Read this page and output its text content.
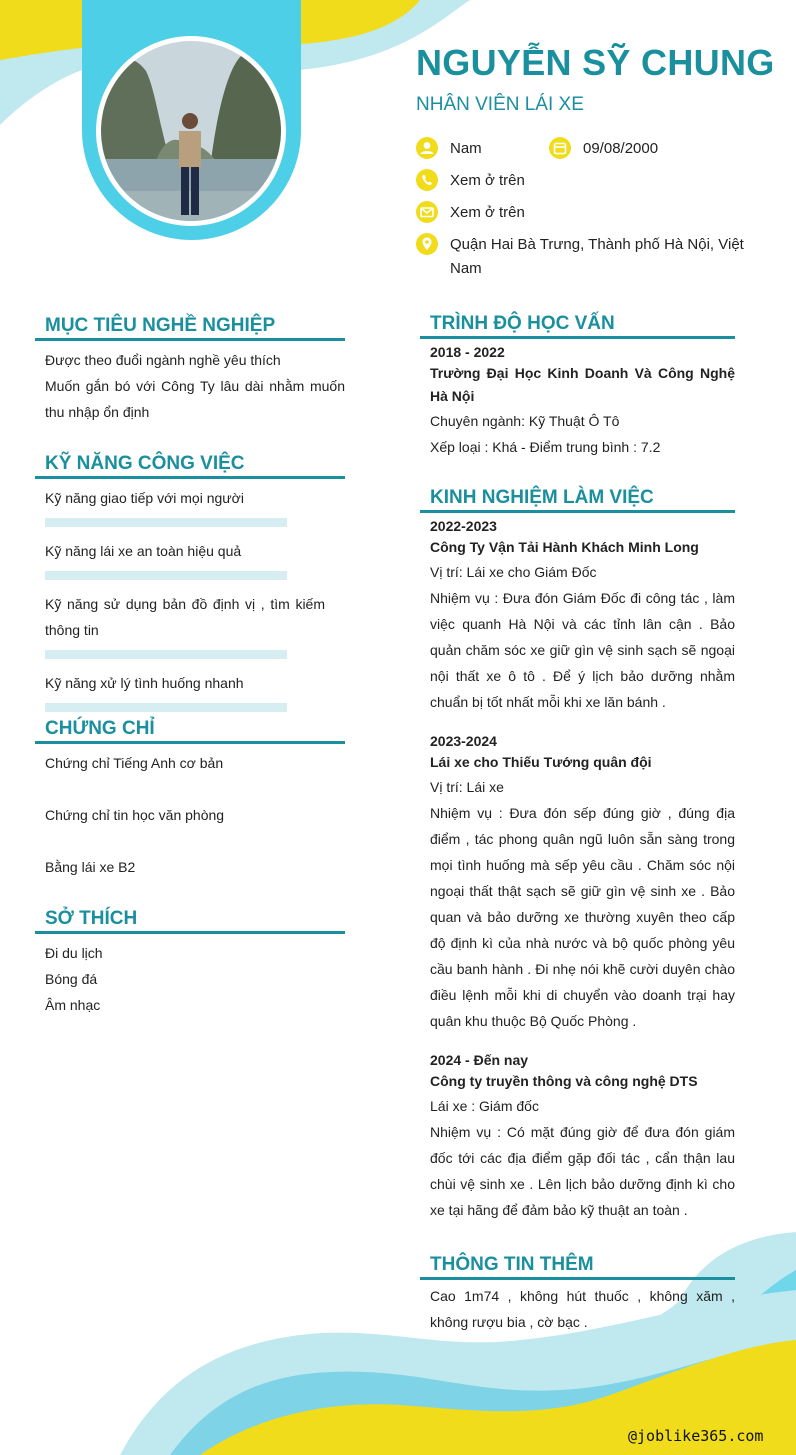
NGUYỄN SỸ CHUNG
NHÂN VIÊN LÁI XE
Nam	09/08/2000
Xem ở trên
Xem ở trên
Quận Hai Bà Trưng, Thành phố Hà Nội, Việt Nam
MỤC TIÊU NGHỀ NGHIỆP
Được theo đuổi ngành nghề yêu thích
Muốn gắn bó với Công Ty lâu dài nhằm muốn thu nhập ổn định
KỸ NĂNG CÔNG VIỆC
Kỹ năng giao tiếp với mọi người
Kỹ năng lái xe an toàn hiệu quả
Kỹ năng sử dụng bản đồ định vị , tìm kiếm thông tin
Kỹ năng xử lý tình huống nhanh
CHỨNG CHỈ
Chứng chỉ Tiếng Anh cơ bản
Chứng chỉ tin học văn phòng
Bằng lái xe B2
SỞ THÍCH
Đi du lịch
Bóng đá
Âm nhạc
TRÌNH ĐỘ HỌC VẤN
2018 - 2022
Trường Đại Học Kinh Doanh Và Công Nghệ Hà Nội
Chuyên ngành: Kỹ Thuật Ô Tô
Xếp loại : Khá - Điểm trung bình : 7.2
KINH NGHIỆM LÀM VIỆC
2022-2023
Công Ty Vận Tải Hành Khách Minh Long
Vị trí: Lái xe cho Giám Đốc
Nhiệm vụ : Đưa đón Giám Đốc đi công tác , làm việc quanh Hà Nội và các tỉnh lân cận . Bảo quản chăm sóc xe giữ gìn vệ sinh sạch sẽ ngoại nội thất xe ô tô . Để ý lịch bảo dưỡng nhằm chuẩn bị tốt nhất mỗi khi xe lăn bánh .
2023-2024
Lái xe cho Thiếu Tướng quân đội
Vị trí: Lái xe
Nhiệm vụ : Đưa đón sếp đúng giờ , đúng địa điểm , tác phong quân ngũ luôn sẵn sàng trong mọi tình huống mà sếp yêu cầu . Chăm sóc nội ngoại thất thật sạch sẽ giữ gìn vệ sinh xe . Bảo quan và bảo dưỡng xe thường xuyên theo cấp độ định kì của nhà nước và bộ quốc phòng yêu cầu banh hành . Đi nhẹ nói khẽ cười duyên chào điều lệnh mỗi khi di chuyển vào doanh trại hay quân khu thuộc Bộ Quốc Phòng .
2024 - Đến nay
Công ty truyền thông và công nghệ DTS
Lái xe : Giám đốc
Nhiệm vụ : Có mặt đúng giờ để đưa đón giám đốc tới các địa điểm gặp đối tác , cẩn thận lau chùi vệ sinh xe . Lên lịch bảo dưỡng định kì cho xe tại hãng để đảm bảo kỹ thuật an toàn .
THÔNG TIN THÊM
Cao 1m74 , không hút thuốc , không xăm , không rượu bia , cờ bạc .
@joblike365.com
